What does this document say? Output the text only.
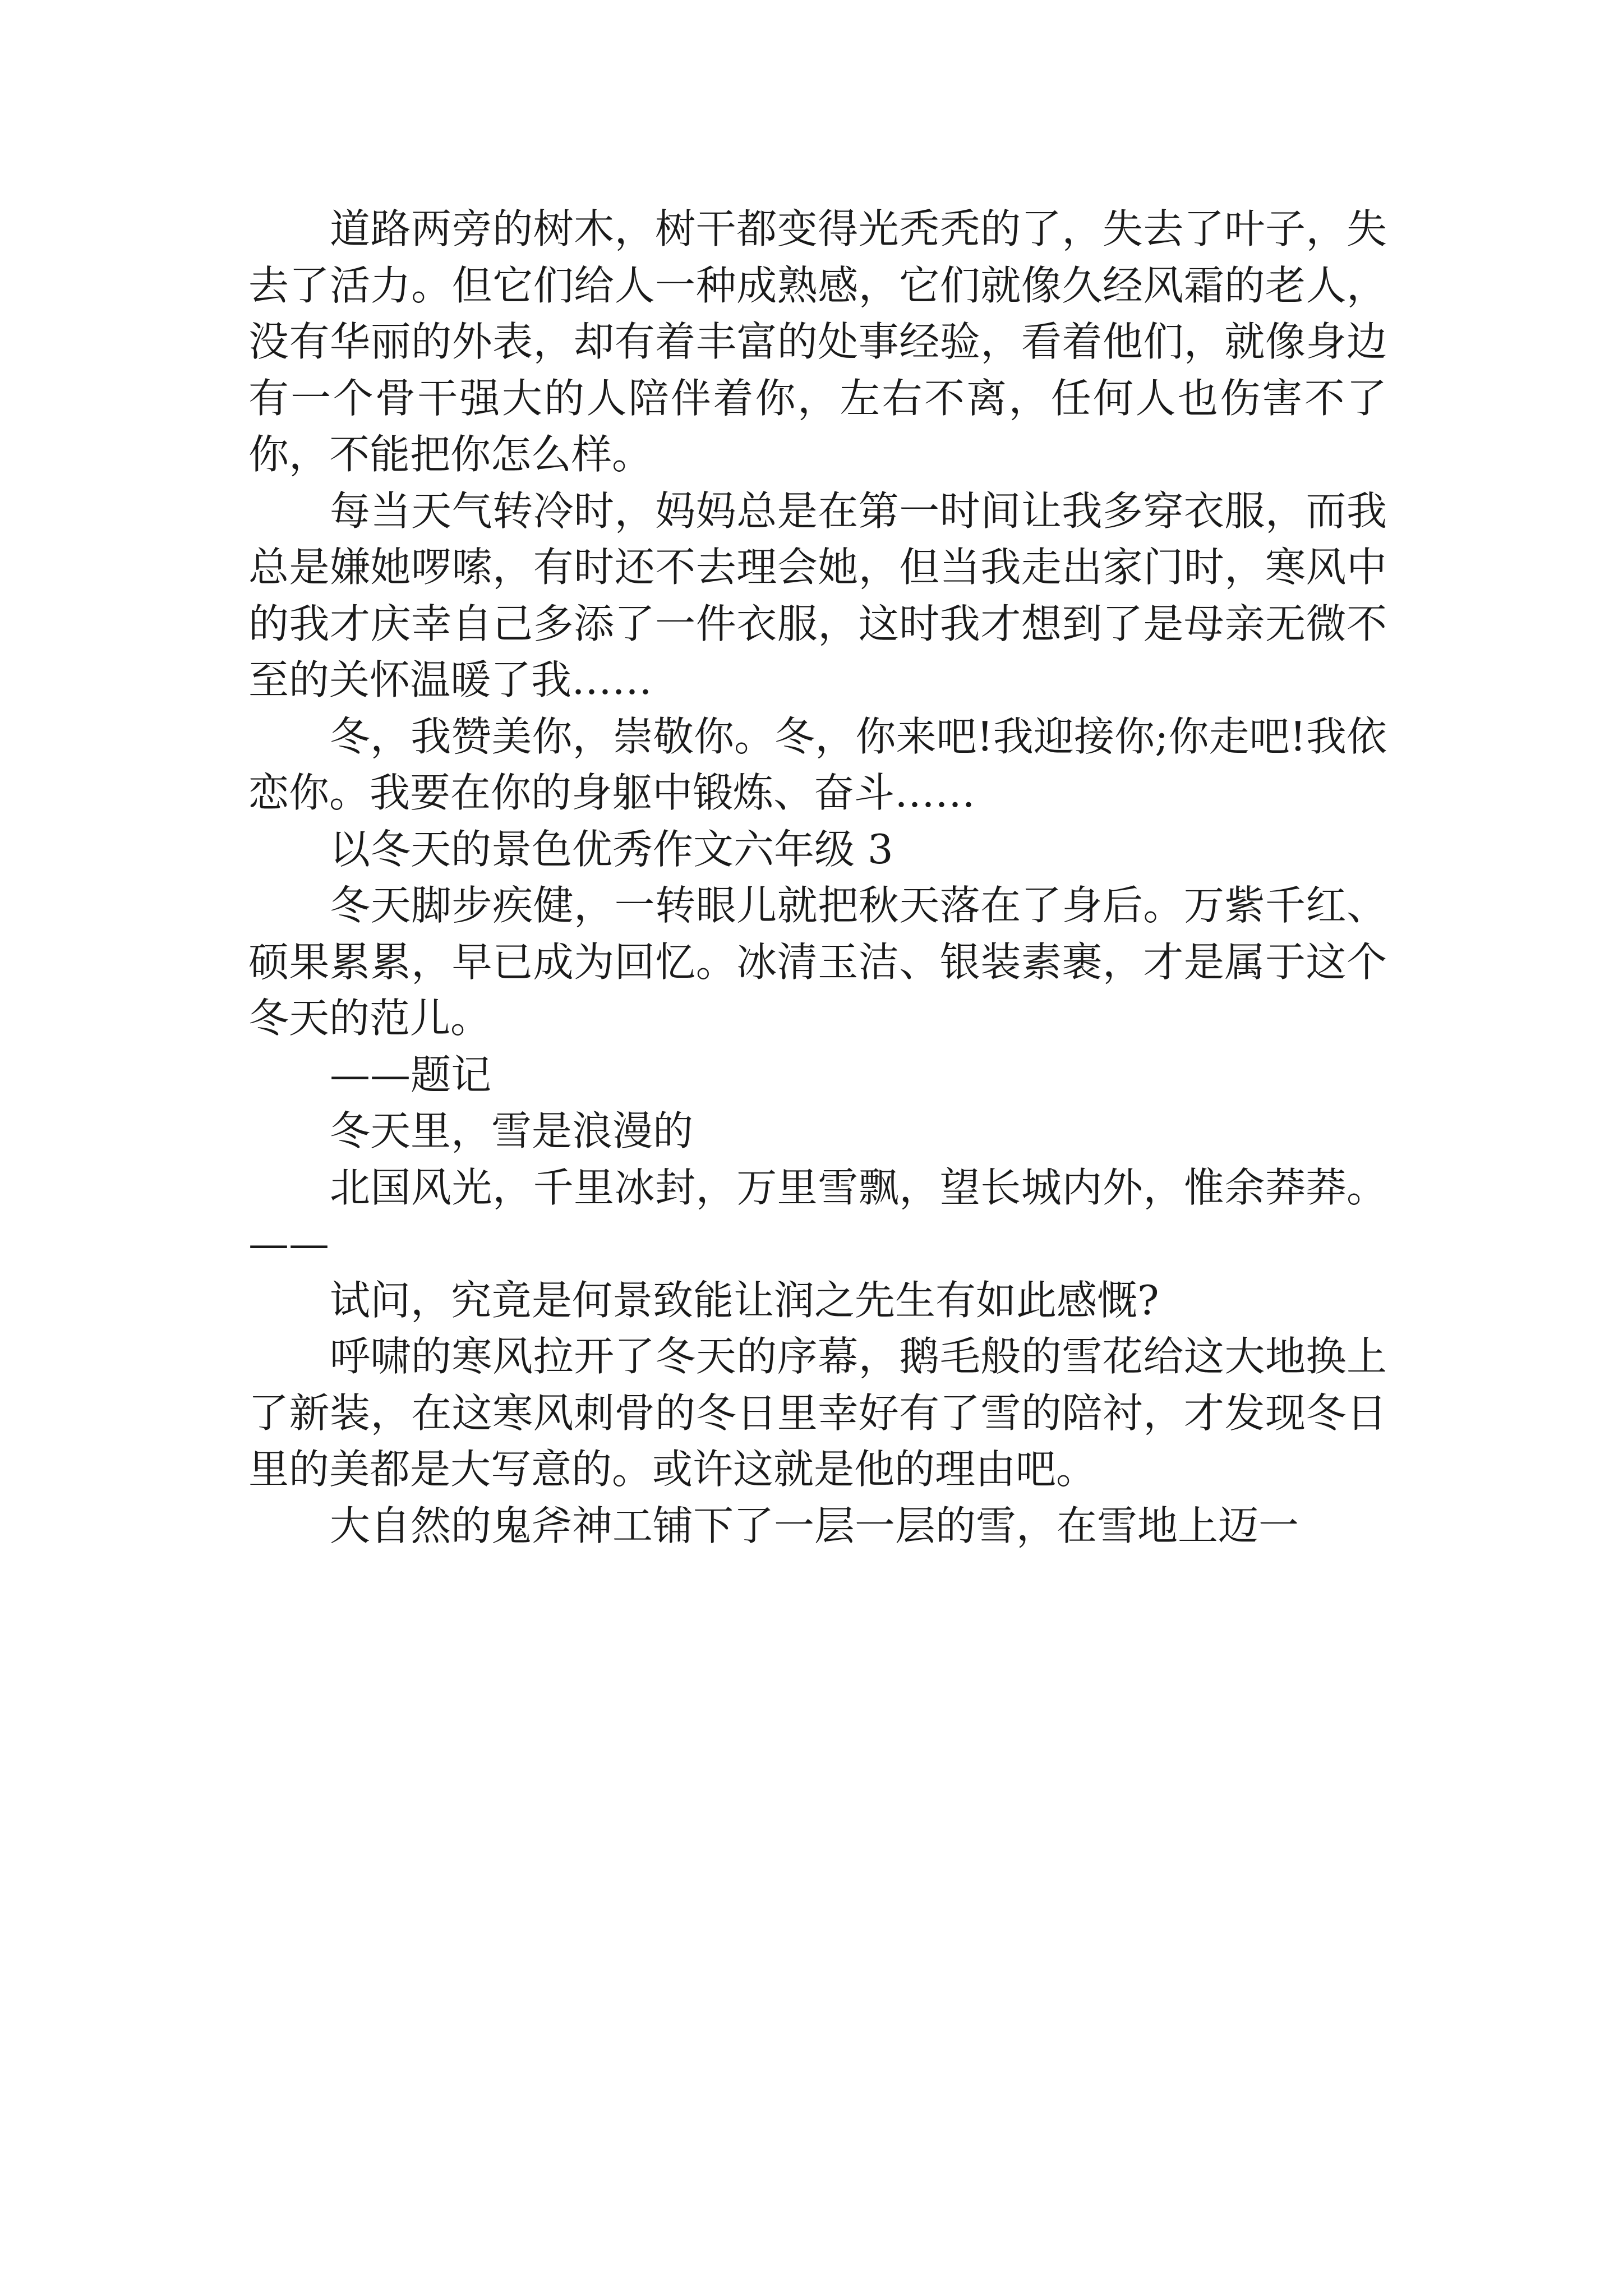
道路两旁的树木，树干都变得光秃秃的了，失去了叶子，失去了活力。但它们给人一种成熟感，它们就像久经风霜的老人，没有华丽的外表，却有着丰富的处事经验，看着他们，就像身边有一个骨干强大的人陪伴着你，左右不离，任何人也伤害不了你，不能把你怎么样。

每当天气转冷时，妈妈总是在第一时间让我多穿衣服，而我总是嫌她啰嗦，有时还不去理会她，但当我走出家门时，寒风中的我才庆幸自己多添了一件衣服，这时我才想到了是母亲无微不至的关怀温暖了我……

冬，我赞美你，崇敬你。冬，你来吧!我迎接你;你走吧!我依恋你。我要在你的身躯中锻炼、奋斗……

以冬天的景色优秀作文六年级 3

冬天脚步疾健，一转眼儿就把秋天落在了身后。万紫千红、硕果累累，早已成为回忆。冰清玉洁、银装素裹，才是属于这个冬天的范儿。

——题记

冬天里，雪是浪漫的

北国风光，千里冰封，万里雪飘，望长城内外，惟余莽莽。——

试问，究竟是何景致能让润之先生有如此感慨?

呼啸的寒风拉开了冬天的序幕，鹅毛般的雪花给这大地换上了新装，在这寒风刺骨的冬日里幸好有了雪的陪衬，才发现冬日里的美都是大写意的。或许这就是他的理由吧。

大自然的鬼斧神工铺下了一层一层的雪，在雪地上迈一
